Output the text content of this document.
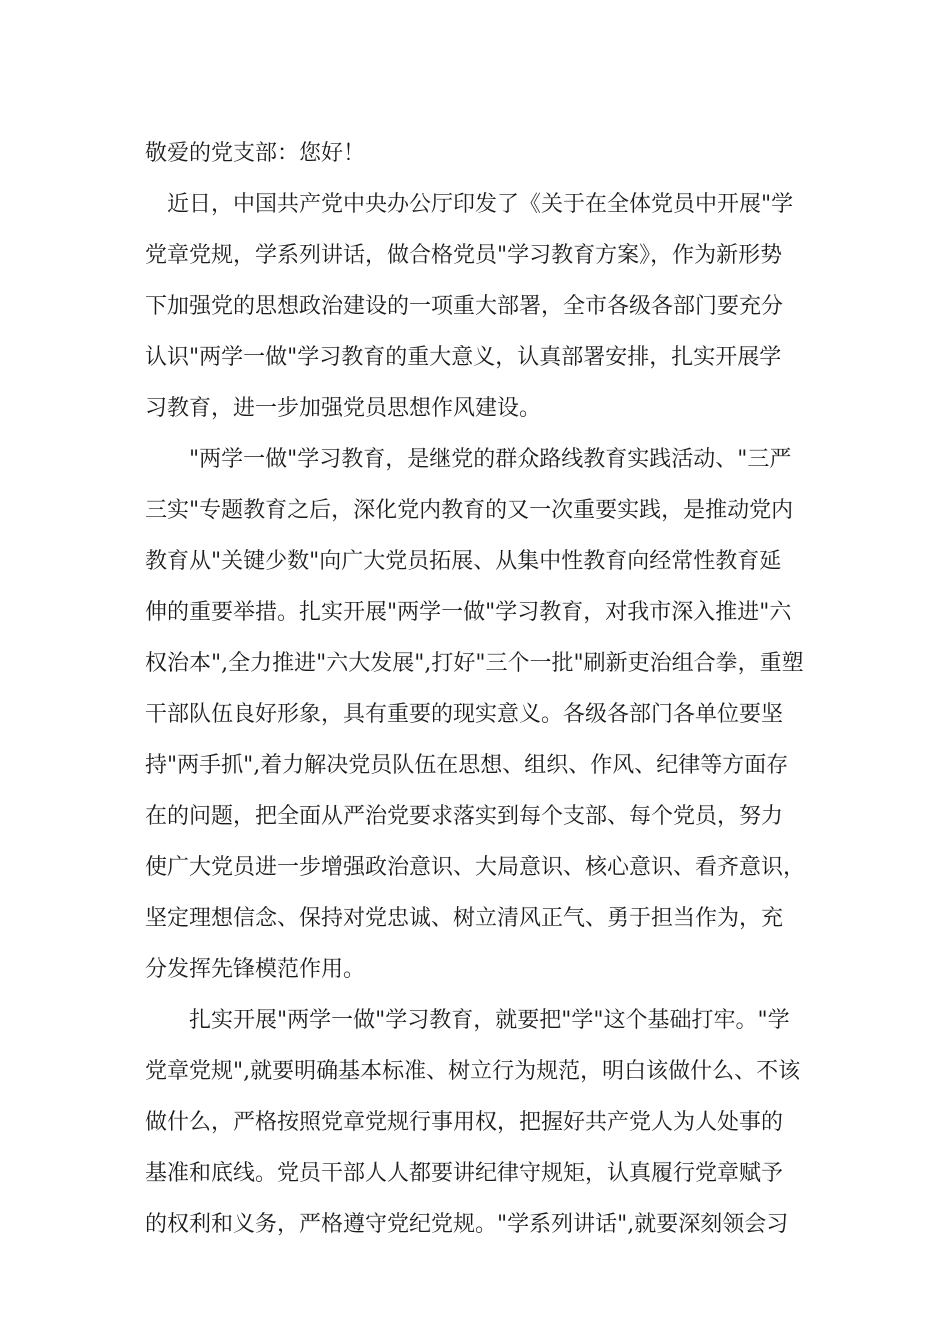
敬爱的党支部：您好！
近日，中国共产党中央办公厅印发了《关于在全体党员中开展"学
党章党规，学系列讲话，做合格党员"学习教育方案》，作为新形势
下加强党的思想政治建设的一项重大部署，全市各级各部门要充分
认识"两学一做"学习教育的重大意义，认真部署安排，扎实开展学
习教育，进一步加强党员思想作风建设。
"两学一做"学习教育，是继党的群众路线教育实践活动、"三严
三实"专题教育之后，深化党内教育的又一次重要实践，是推动党内
教育从"关键少数"向广大党员拓展、从集中性教育向经常性教育延
伸的重要举措。扎实开展"两学一做"学习教育，对我市深入推进"六
权治本",全力推进"六大发展",打好"三个一批"刷新吏治组合拳，重塑
干部队伍良好形象，具有重要的现实意义。各级各部门各单位要坚
持"两手抓",着力解决党员队伍在思想、组织、作风、纪律等方面存
在的问题，把全面从严治党要求落实到每个支部、每个党员，努力
使广大党员进一步增强政治意识、大局意识、核心意识、看齐意识，
坚定理想信念、保持对党忠诚、树立清风正气、勇于担当作为，充
分发挥先锋模范作用。
扎实开展"两学一做"学习教育，就要把"学"这个基础打牢。"学
党章党规",就要明确基本标准、树立行为规范，明白该做什么、不该
做什么，严格按照党章党规行事用权，把握好共产党人为人处事的
基准和底线。党员干部人人都要讲纪律守规矩，认真履行党章赋予
的权利和义务，严格遵守党纪党规。"学系列讲话",就要深刻领会习
